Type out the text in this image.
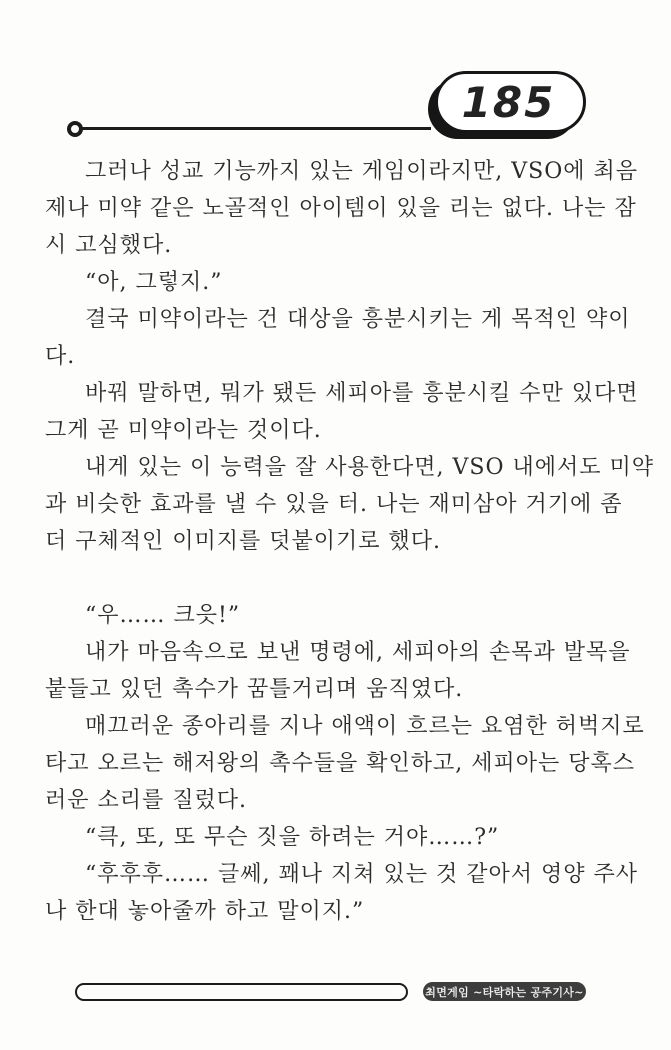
185
그러나 성교 기능까지 있는 게임이라지만, VSO에 최음
제나 미약 같은 노골적인 아이템이 있을 리는 없다. 나는 잠
시 고심했다.
“아, 그렇지.”
결국 미약이라는 건 대상을 흥분시키는 게 목적인 약이
다.
바꿔 말하면, 뭐가 됐든 세피아를 흥분시킬 수만 있다면
그게 곧 미약이라는 것이다.
내게 있는 이 능력을 잘 사용한다면, VSO 내에서도 미약
과 비슷한 효과를 낼 수 있을 터. 나는 재미삼아 거기에 좀
더 구체적인 이미지를 덧붙이기로 했다.
“우…… 크읏!”
내가 마음속으로 보낸 명령에, 세피아의 손목과 발목을
붙들고 있던 촉수가 꿈틀거리며 움직였다.
매끄러운 종아리를 지나 애액이 흐르는 요염한 허벅지로
타고 오르는 해저왕의 촉수들을 확인하고, 세피아는 당혹스
러운 소리를 질렀다.
“큭, 또, 또 무슨 짓을 하려는 거야……?”
“후후후…… 글쎄, 꽤나 지쳐 있는 것 같아서 영양 주사
나 한대 놓아줄까 하고 말이지.”
최면게임 ~타락하는 공주기사~
